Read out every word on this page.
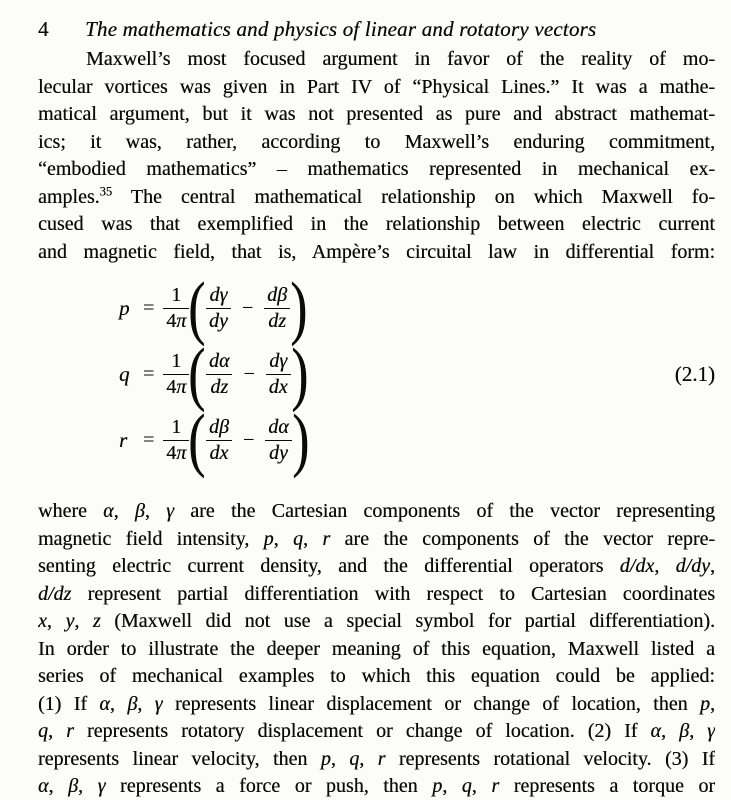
4	The mathematics and physics of linear and rotatory vectors
Maxwell’s most focused argument in favor of the reality of mo-
lecular vortices was given in Part IV of “Physical Lines.” It was a mathe-
matical argument, but it was not presented as pure and abstract mathemat-
ics; it was, rather, according to Maxwell’s enduring commitment,
“embodied mathematics” – mathematics represented in mechanical ex-
amples.$^{35}$ The central mathematical relationship on which Maxwell fo-
cused was that exemplified in the relationship between electric current
and magnetic field, that is, Ampère’s circuital law in differential form:
$p = \frac{1}{4\pi}$ ( $\frac{d\gamma}{dy} - \frac{d\beta}{dz}$ )
$q = \frac{1}{4\pi}$ ( $\frac{d\alpha}{dz} - \frac{d\gamma}{dx}$ )	(2.1)
$r = \frac{1}{4\pi}$ ( $\frac{d\beta}{dx} - \frac{d\alpha}{dy}$ )
where α, β, γ are the Cartesian components of the vector representing
magnetic field intensity, p, q, r are the components of the vector repre-
senting electric current density, and the differential operators d/dx, d/dy,
d/dz represent partial differentiation with respect to Cartesian coordinates
x, y, z (Maxwell did not use a special symbol for partial differentiation).
In order to illustrate the deeper meaning of this equation, Maxwell listed a
series of mechanical examples to which this equation could be applied:
(1) If α, β, γ represents linear displacement or change of location, then p,
q, r represents rotatory displacement or change of location. (2) If α, β, γ
represents linear velocity, then p, q, r represents rotational velocity. (3) If
α, β, γ represents a force or push, then p, q, r represents a torque or
